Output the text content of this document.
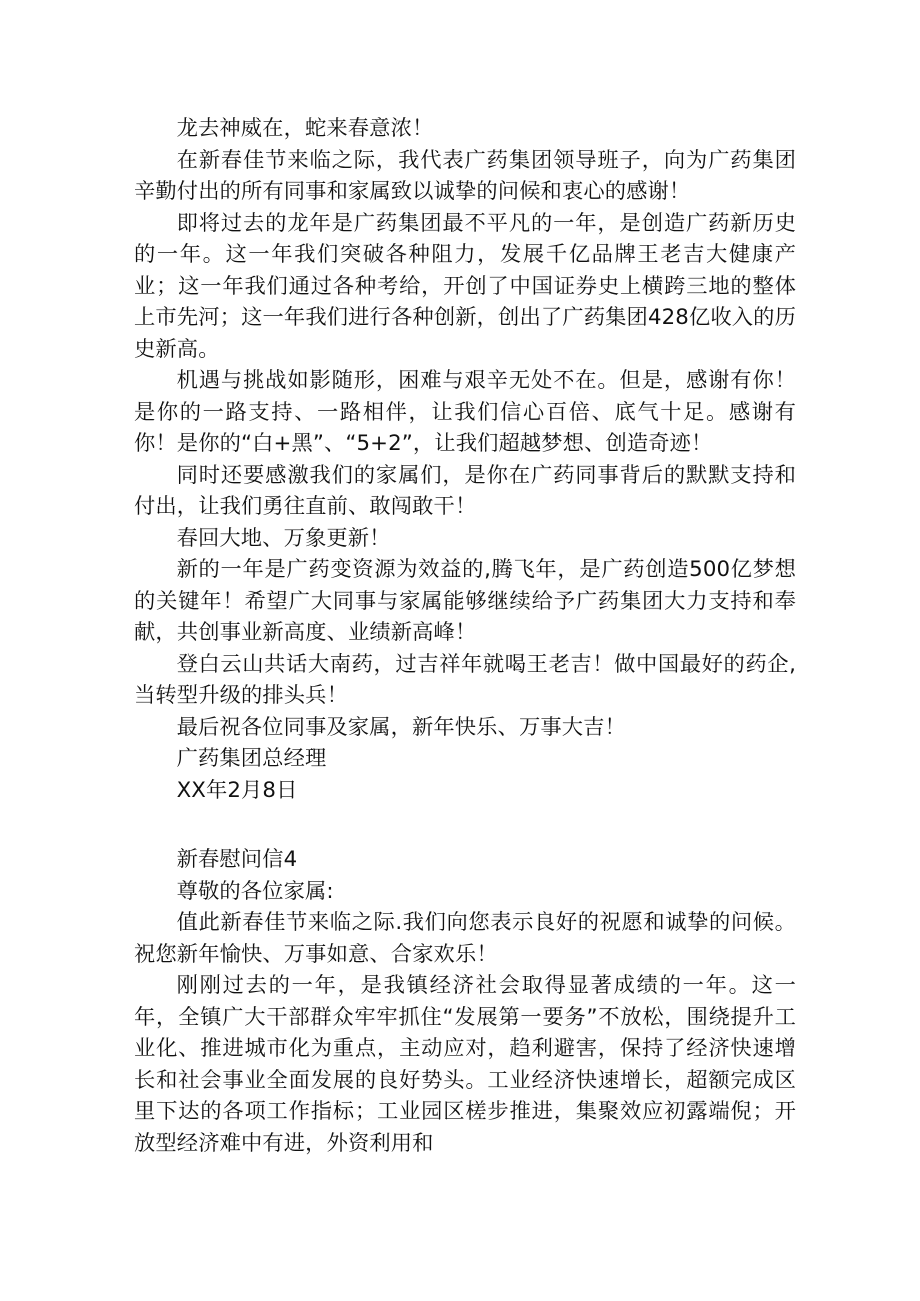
龙去神威在，蛇来春意浓！

在新春佳节来临之际，我代表广药集团领导班子，向为广药集团辛勤付出的所有同事和家属致以诚挚的问候和衷心的感谢！

即将过去的龙年是广药集团最不平凡的一年，是创造广药新历史的一年。这一年我们突破各种阻力，发展千亿品牌王老吉大健康产业；这一年我们通过各种考给，开创了中国证券史上横跨三地的整体上市先河；这一年我们进行各种创新，创出了广药集团428亿收入的历史新高。

机遇与挑战如影随形，困难与艰辛无处不在。但是，感谢有你！是你的一路支持、一路相伴，让我们信心百倍、底气十足。感谢有你！是你的“白+黑”、“5+2”，让我们超越梦想、创造奇迹！

同时还要感激我们的家属们，是你在广药同事背后的默默支持和付出，让我们勇往直前、敢闯敢干！

春回大地、万象更新！

新的一年是广药变资源为效益的,腾飞年，是广药创造500亿梦想的关键年！希望广大同事与家属能够继续给予广药集团大力支持和奉献，共创事业新高度、业绩新高峰！

登白云山共话大南药，过吉祥年就喝王老吉！做中国最好的药企,当转型升级的排头兵！

最后祝各位同事及家属，新年快乐、万事大吉！

广药集团总经理

XX年2月8日

新春慰问信4

尊敬的各位家属:

值此新春佳节来临之际.我们向您表示良好的祝愿和诚挚的问候。祝您新年愉快、万事如意、合家欢乐！

刚刚过去的一年，是我镇经济社会取得显著成绩的一年。这一年，全镇广大干部群众牢牢抓住“发展第一要务”不放松，围绕提升工业化、推进城市化为重点，主动应对，趋利避害，保持了经济快速增长和社会事业全面发展的良好势头。工业经济快速增长，超额完成区里下达的各项工作指标；工业园区槎步推进，集聚效应初露端倪；开放型经济难中有进，外资利用和
